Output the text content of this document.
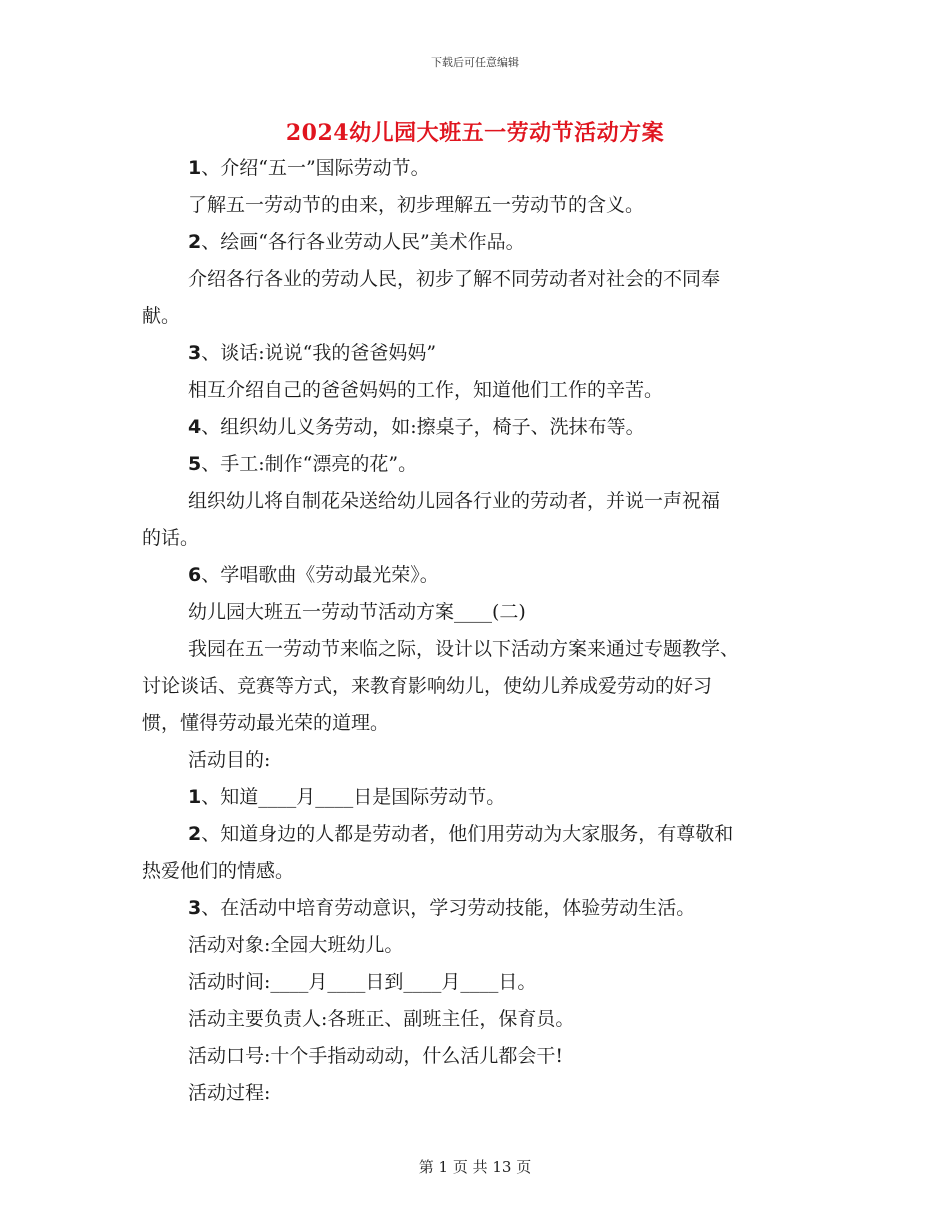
下载后可任意编辑
2024幼儿园大班五一劳动节活动方案
1、介绍“五一”国际劳动节。
了解五一劳动节的由来，初步理解五一劳动节的含义。
2、绘画“各行各业劳动人民”美术作品。
介绍各行各业的劳动人民，初步了解不同劳动者对社会的不同奉
献。
3、谈话:说说“我的爸爸妈妈”
相互介绍自己的爸爸妈妈的工作，知道他们工作的辛苦。
4、组织幼儿义务劳动，如:擦桌子，椅子、洗抹布等。
5、手工:制作“漂亮的花”。
组织幼儿将自制花朵送给幼儿园各行业的劳动者，并说一声祝福
的话。
6、学唱歌曲《劳动最光荣》。
幼儿园大班五一劳动节活动方案____(二)
我园在五一劳动节来临之际，设计以下活动方案来通过专题教学、
讨论谈话、竞赛等方式，来教育影响幼儿，使幼儿养成爱劳动的好习
惯，懂得劳动最光荣的道理。
活动目的:
1、知道____月____日是国际劳动节。
2、知道身边的人都是劳动者，他们用劳动为大家服务，有尊敬和
热爱他们的情感。
3、在活动中培育劳动意识，学习劳动技能，体验劳动生活。
活动对象:全园大班幼儿。
活动时间:____月____日到____月____日。
活动主要负责人:各班正、副班主任，保育员。
活动口号:十个手指动动动，什么活儿都会干!
活动过程:
第 1 页 共 13 页
